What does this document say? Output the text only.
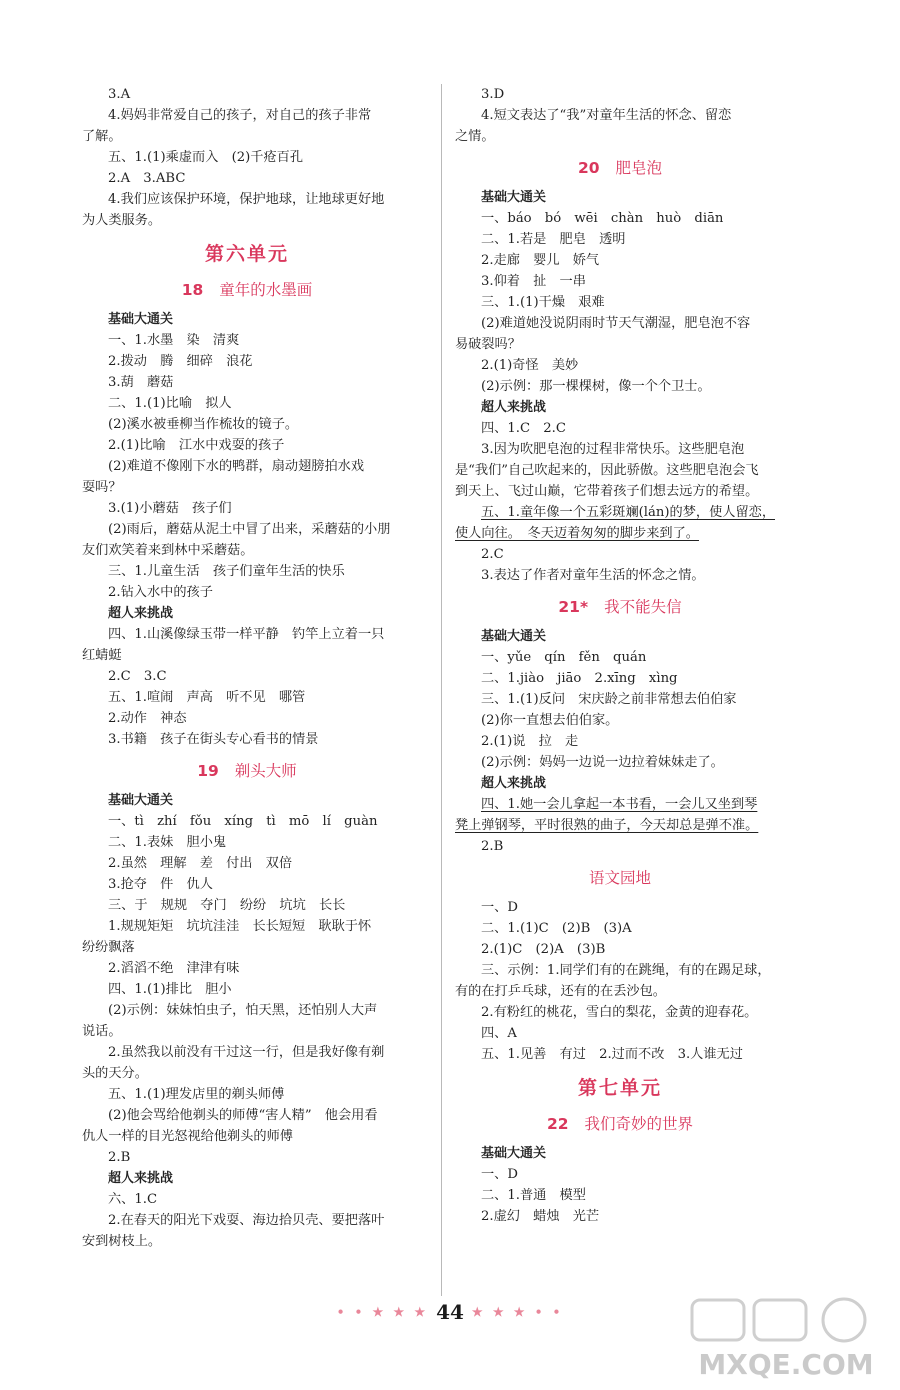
3.A
4.妈妈非常爱自己的孩子，对自己的孩子非常
了解。
五、1.(1)乘虚而入　(2)千疮百孔
2.A　3.ABC
4.我们应该保护环境，保护地球，让地球更好地
为人类服务。
第六单元
18 童年的水墨画
基础大通关
一、1.水墨　染　清爽
2.拨动　腾　细碎　浪花
3.葫　蘑菇
二、1.(1)比喻　拟人
(2)溪水被垂柳当作梳妆的镜子。
2.(1)比喻　江水中戏耍的孩子
(2)难道不像刚下水的鸭群，扇动翅膀拍水戏
耍吗？
3.(1)小蘑菇　孩子们
(2)雨后，蘑菇从泥土中冒了出来，采蘑菇的小朋
友们欢笑着来到林中采蘑菇。
三、1.儿童生活　孩子们童年生活的快乐
2.钻入水中的孩子
超人来挑战
四、1.山溪像绿玉带一样平静　钓竿上立着一只
红蜻蜓
2.C　3.C
五、1.喧闹　声高　听不见　哪管
2.动作　神态
3.书籍　孩子在街头专心看书的情景
19 剃头大师
基础大通关
一、tì　zhí　fǒu　xíng　tì　mō　lí　guàn
二、1.表妹　胆小鬼
2.虽然　理解　差　付出　双倍
3.抢夺　件　仇人
三、于　规规　夺门　纷纷　坑坑　长长
1.规规矩矩　坑坑洼洼　长长短短　耿耿于怀
纷纷飘落
2.滔滔不绝　津津有味
四、1.(1)排比　胆小
(2)示例：妹妹怕虫子，怕天黑，还怕别人大声
说话。
2.虽然我以前没有干过这一行，但是我好像有剃
头的天分。
五、1.(1)理发店里的剃头师傅
(2)他会骂给他剃头的师傅“害人精”　他会用看
仇人一样的目光怒视给他剃头的师傅
2.B
超人来挑战
六、1.C
2.在春天的阳光下戏耍、海边拾贝壳、要把落叶
安到树枝上。
3.D
4.短文表达了“我”对童年生活的怀念、留恋
之情。
20 肥皂泡
基础大通关
一、báo　bó　wēi　chàn　huò　diān
二、1.若是　肥皂　透明
2.走廊　婴儿　娇气
3.仰着　扯　一串
三、1.(1)干燥　艰难
(2)难道她没说阴雨时节天气潮湿，肥皂泡不容
易破裂吗？
2.(1)奇怪　美妙
(2)示例：那一棵棵树，像一个个卫士。
超人来挑战
四、1.C　2.C
3.因为吹肥皂泡的过程非常快乐。这些肥皂泡
是“我们”自己吹起来的，因此骄傲。这些肥皂泡会飞
到天上、飞过山巅，它带着孩子们想去远方的希望。
五、1.童年像一个五彩斑斓(lán)的梦，使人留恋，
使人向往。　冬天迈着匆匆的脚步来到了。
2.C
3.表达了作者对童年生活的怀念之情。
21* 我不能失信
基础大通关
一、yǔe　qín　fěn　quán
二、1.jiào　jiāo　2.xīng　xìng
三、1.(1)反问　宋庆龄之前非常想去伯伯家
(2)你一直想去伯伯家。
2.(1)说　拉　走
(2)示例：妈妈一边说一边拉着妹妹走了。
超人来挑战
四、1.她一会儿拿起一本书看，一会儿又坐到琴
凳上弹钢琴，平时很熟的曲子，今天却总是弹不准。
2.B
语文园地
一、D
二、1.(1)C　(2)B　(3)A
2.(1)C　(2)A　(3)B
三、示例：1.同学们有的在跳绳，有的在踢足球，
有的在打乒乓球，还有的在丢沙包。
2.有粉红的桃花，雪白的梨花，金黄的迎春花。
四、A
五、1.见善　有过　2.过而不改　3.人谁无过
第七单元
22 我们奇妙的世界
基础大通关
一、D
二、1.普通　模型
2.虚幻　蜡烛　光芒
• • ★ ★ ★ 44 ★ ★ ★ • •
MXQE.COM
